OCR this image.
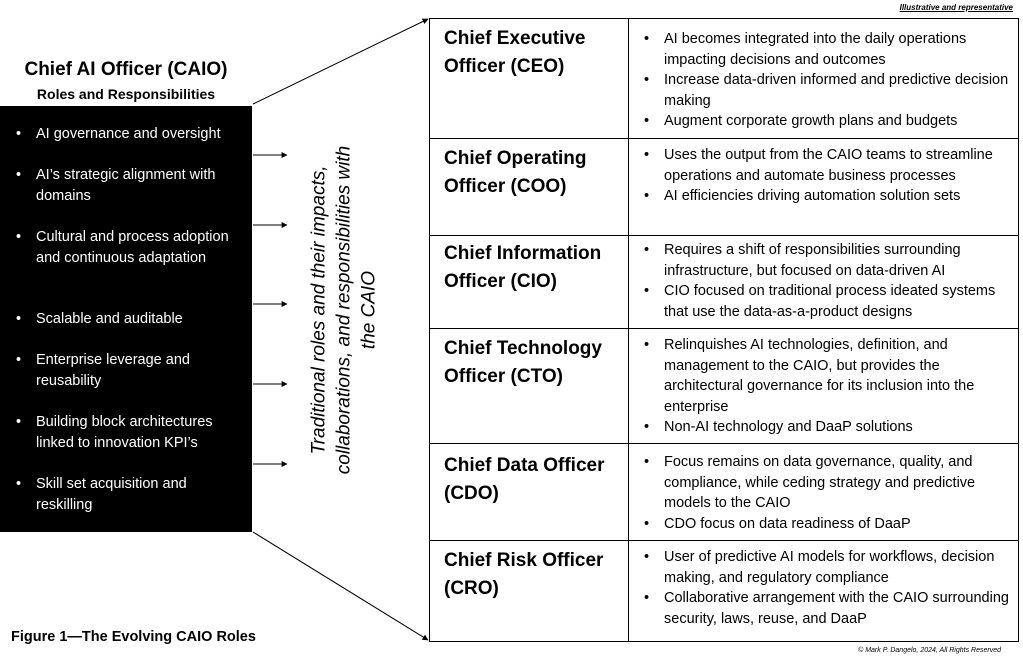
Illustrative and representative
Chief AI Officer (CAIO)
Roles and Responsibilities
•	AI governance and oversight
•	AI’s strategic alignment with domains
•	Cultural and process adoption and continuous adaptation
•	Scalable and auditable
•	Enterprise leverage and reusability
•	Building block architectures linked to innovation KPI’s
•	Skill set acquisition and reskilling
Traditional roles and their impacts, collaborations, and responsibilities with the CAIO
Chief Executive Officer (CEO)
• AI becomes integrated into the daily operations impacting decisions and outcomes
• Increase data-driven informed and predictive decision making
• Augment corporate growth plans and budgets
Chief Operating Officer (COO)
• Uses the output from the CAIO teams to streamline operations and automate business processes
• AI efficiencies driving automation solution sets
Chief Information Officer (CIO)
• Requires a shift of responsibilities surrounding infrastructure, but focused on data-driven AI
• CIO focused on traditional process ideated systems that use the data-as-a-product designs
Chief Technology Officer (CTO)
• Relinquishes AI technologies, definition, and management to the CAIO, but provides the architectural governance for its inclusion into the enterprise
• Non-AI technology and DaaP solutions
Chief Data Officer (CDO)
• Focus remains on data governance, quality, and compliance, while ceding strategy and predictive models to the CAIO
• CDO focus on data readiness of DaaP
Chief Risk Officer (CRO)
• User of predictive AI models for workflows, decision making, and regulatory compliance
• Collaborative arrangement with the CAIO surrounding security, laws, reuse, and DaaP
Figure 1—The Evolving CAIO Roles
© Mark P. Dangelo, 2024, All Rights Reserved
